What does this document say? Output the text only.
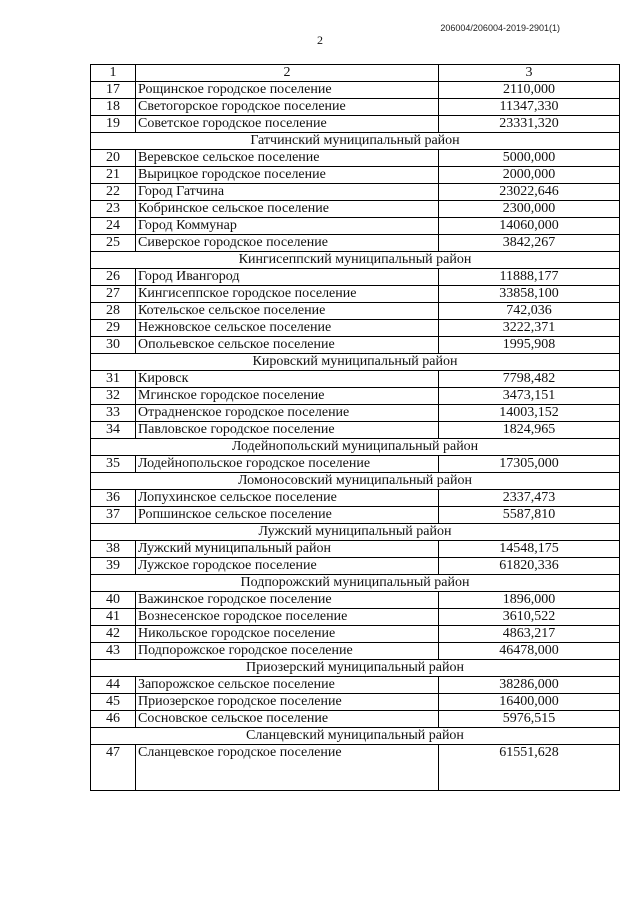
206004/206004-2019-2901(1)
2
1	2	3
17	Рощинское городское поселение	2110,000
18	Светогорское городское поселение	11347,330
19	Советское городское поселение	23331,320
Гатчинский муниципальный район		
20	Веревское сельское поселение	5000,000
21	Вырицкое городское поселение	2000,000
22	Город Гатчина	23022,646
23	Кобринское сельское поселение	2300,000
24	Город Коммунар	14060,000
25	Сиверское городское поселение	3842,267
Кингисеппский муниципальный район		
26	Город Ивангород	11888,177
27	Кингисеппское городское поселение	33858,100
28	Котельское сельское поселение	742,036
29	Нежновское сельское поселение	3222,371
30	Опольевское сельское поселение	1995,908
Кировский муниципальный район		
31	Кировск	7798,482
32	Мгинское городское поселение	3473,151
33	Отрадненское городское поселение	14003,152
34	Павловское городское поселение	1824,965
Лодейнопольский муниципальный район		
35	Лодейнопольское городское поселение	17305,000
Ломоносовский муниципальный район		
36	Лопухинское сельское поселение	2337,473
37	Ропшинское сельское поселение	5587,810
Лужский муниципальный район		
38	Лужский муниципальный район	14548,175
39	Лужское городское поселение	61820,336
Подпорожский муниципальный район		
40	Важинское городское поселение	1896,000
41	Вознесенское городское поселение	3610,522
42	Никольское городское поселение	4863,217
43	Подпорожское городское поселение	46478,000
Приозерский муниципальный район		
44	Запорожское сельское поселение	38286,000
45	Приозерское городское поселение	16400,000
46	Сосновское сельское поселение	5976,515
Сланцевский муниципальный район		
47	Сланцевское городское поселение	61551,628
